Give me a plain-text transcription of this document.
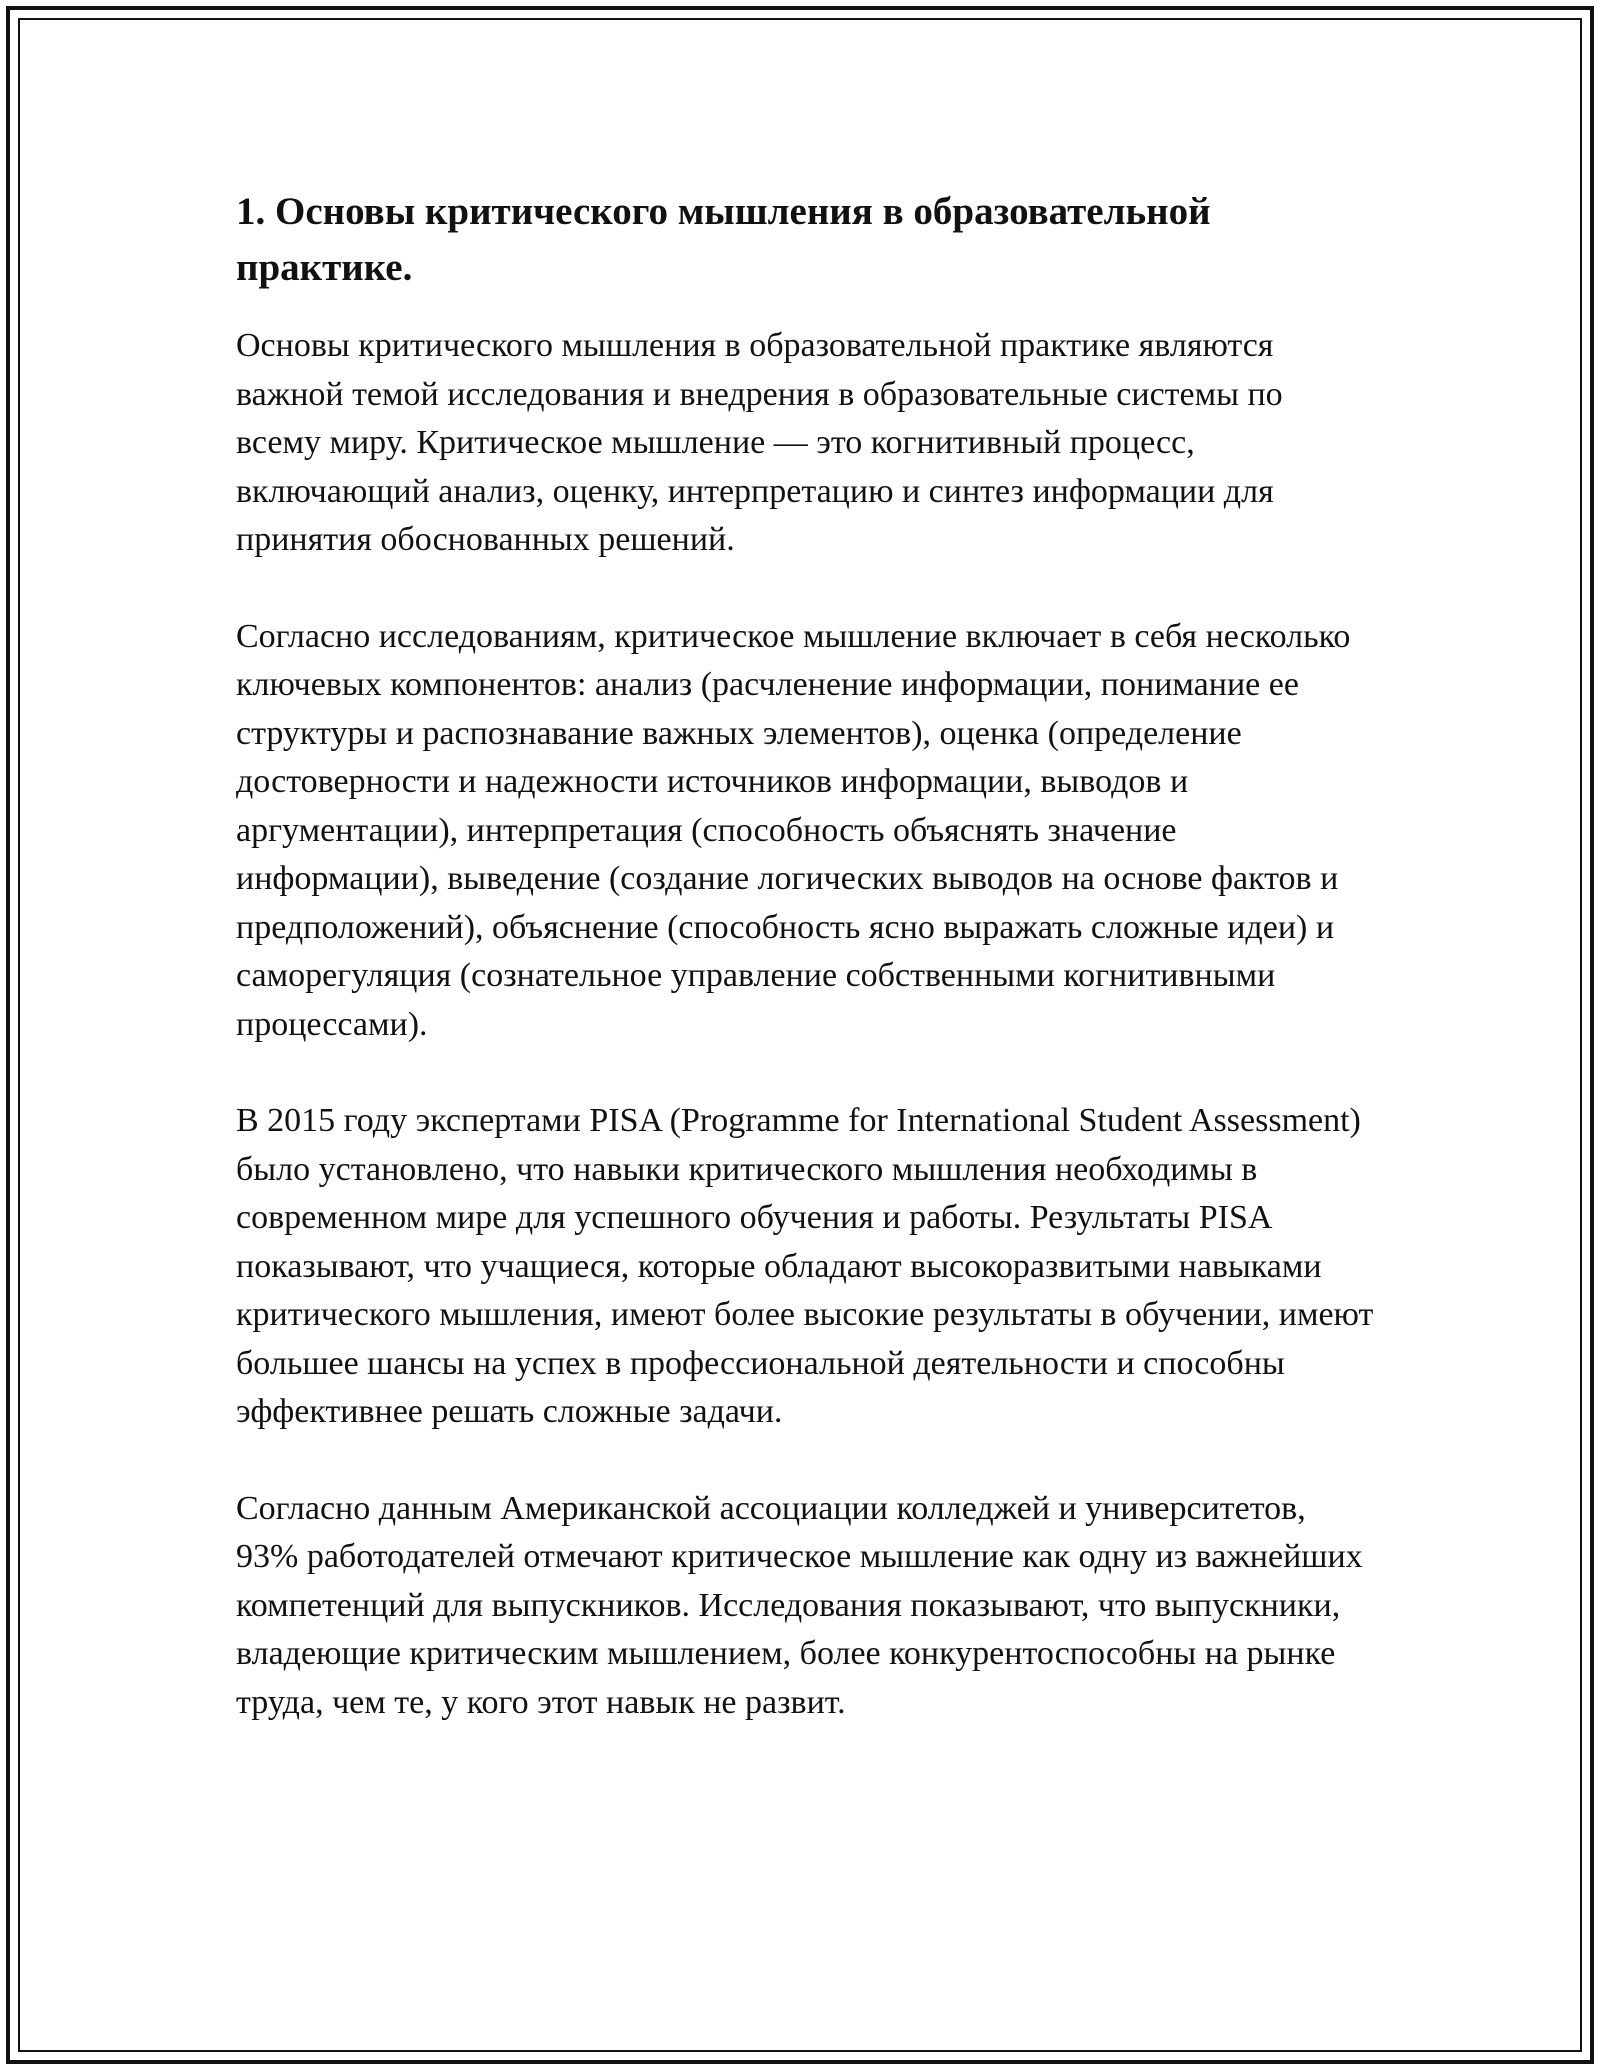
1. Основы критического мышления в образовательной практике.

Основы критического мышления в образовательной практике являются важной темой исследования и внедрения в образовательные системы по всему миру. Критическое мышление — это когнитивный процесс, включающий анализ, оценку, интерпретацию и синтез информации для принятия обоснованных решений.

Согласно исследованиям, критическое мышление включает в себя несколько ключевых компонентов: анализ (расчленение информации, понимание ее структуры и распознавание важных элементов), оценка (определение достоверности и надежности источников информации, выводов и аргументации), интерпретация (способность объяснять значение информации), выведение (создание логических выводов на основе фактов и предположений), объяснение (способность ясно выражать сложные идеи) и саморегуляция (сознательное управление собственными когнитивными процессами).

В 2015 году экспертами PISA (Programme for International Student Assessment) было установлено, что навыки критического мышления необходимы в современном мире для успешного обучения и работы. Результаты PISA показывают, что учащиеся, которые обладают высокоразвитыми навыками критического мышления, имеют более высокие результаты в обучении, имеют большее шансы на успех в профессиональной деятельности и способны эффективнее решать сложные задачи.

Согласно данным Американской ассоциации колледжей и университетов, 93% работодателей отмечают критическое мышление как одну из важнейших компетенций для выпускников. Исследования показывают, что выпускники, владеющие критическим мышлением, более конкурентоспособны на рынке труда, чем те, у кого этот навык не развит.
